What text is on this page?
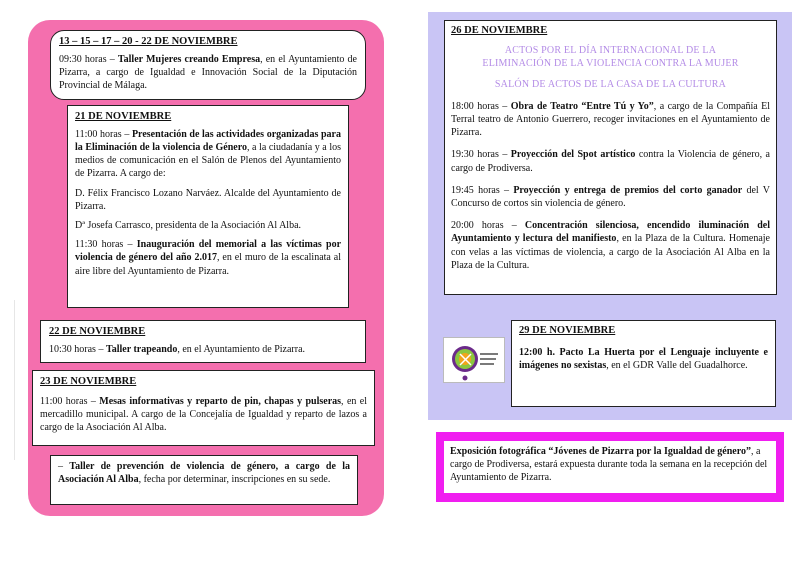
13 – 15 – 17 – 20 - 22 DE NOVIEMBRE
09:30 horas – Taller Mujeres creando Empresa, en el Ayuntamiento de Pizarra, a cargo de Igualdad e Innovación Social de la Diputación Provincial de Málaga.
21 DE NOVIEMBRE
11:00 horas – Presentación de las actividades organizadas para la Eliminación de la violencia de Género, a la ciudadanía y a los medios de comunicación en el Salón de Plenos del Ayuntamiento de Pizarra. A cargo de:
D. Félix Francisco Lozano Narváez. Alcalde del Ayuntamiento de Pizarra.
Dª Josefa Carrasco, presidenta de la Asociación Al Alba.
11:30 horas – Inauguración del memorial a las víctimas por violencia de género del año 2.017, en el muro de la escalinata al aire libre del Ayuntamiento de Pizarra.
22 DE NOVIEMBRE
10:30 horas – Taller trapeando, en el Ayuntamiento de Pizarra.
23 DE NOVIEMBRE
11:00 horas – Mesas informativas y reparto de pin, chapas y pulseras, en el mercadillo municipal. A cargo de la Concejalía de Igualdad y reparto de lazos a cargo de la Asociación Al Alba.
– Taller de prevención de violencia de género, a cargo de la Asociación Al Alba, fecha por determinar, inscripciones en su sede.
26 DE NOVIEMBRE
ACTOS POR EL DÍA INTERNACIONAL DE LA ELIMINACIÓN DE LA VIOLENCIA CONTRA LA MUJER
SALÓN DE ACTOS DE LA CASA DE LA CULTURA
18:00 horas – Obra de Teatro “Entre Tú y Yo”, a cargo de la Compañía El Terral teatro de Antonio Guerrero, recoger invitaciones en el Ayuntamiento de Pizarra.
19:30 horas – Proyección del Spot artístico contra la Violencia de género, a cargo de Prodiversa.
19:45 horas – Proyección y entrega de premios del corto ganador del V Concurso de cortos sin violencia de género.
20:00 horas – Concentración silenciosa, encendido iluminación del Ayuntamiento y lectura del manifiesto, en la Plaza de la Cultura. Homenaje con velas a las víctimas de violencia, a cargo de la Asociación Al Alba en la Plaza de la Cultura.
29 DE NOVIEMBRE
12:00 h. Pacto La Huerta por el Lenguaje incluyente e imágenes no sexistas, en el GDR Valle del Guadalhorce.
Exposición fotográfica “Jóvenes de Pizarra por la Igualdad de género”, a cargo de Prodiversa, estará expuesta durante toda la semana en la recepción del Ayuntamiento de Pizarra.
